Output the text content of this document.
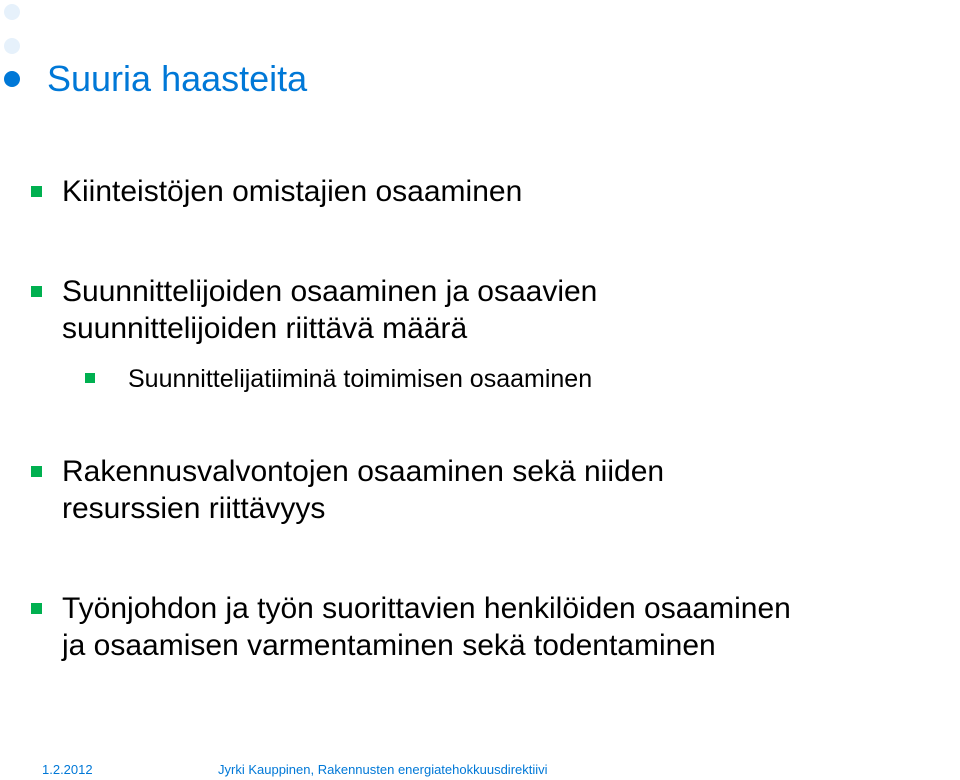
Suuria haasteita
Kiinteistöjen omistajien osaaminen
Suunnittelijoiden osaaminen ja osaavien
suunnittelijoiden riittävä määrä
Suunnittelijatiiminä toimimisen osaaminen
Rakennusvalvontojen osaaminen sekä niiden
resurssien riittävyys
Työnjohdon ja työn suorittavien henkilöiden osaaminen
ja osaamisen varmentaminen sekä todentaminen
1.2.2012	Jyrki Kauppinen, Rakennusten energiatehokkuusdirektiivi
